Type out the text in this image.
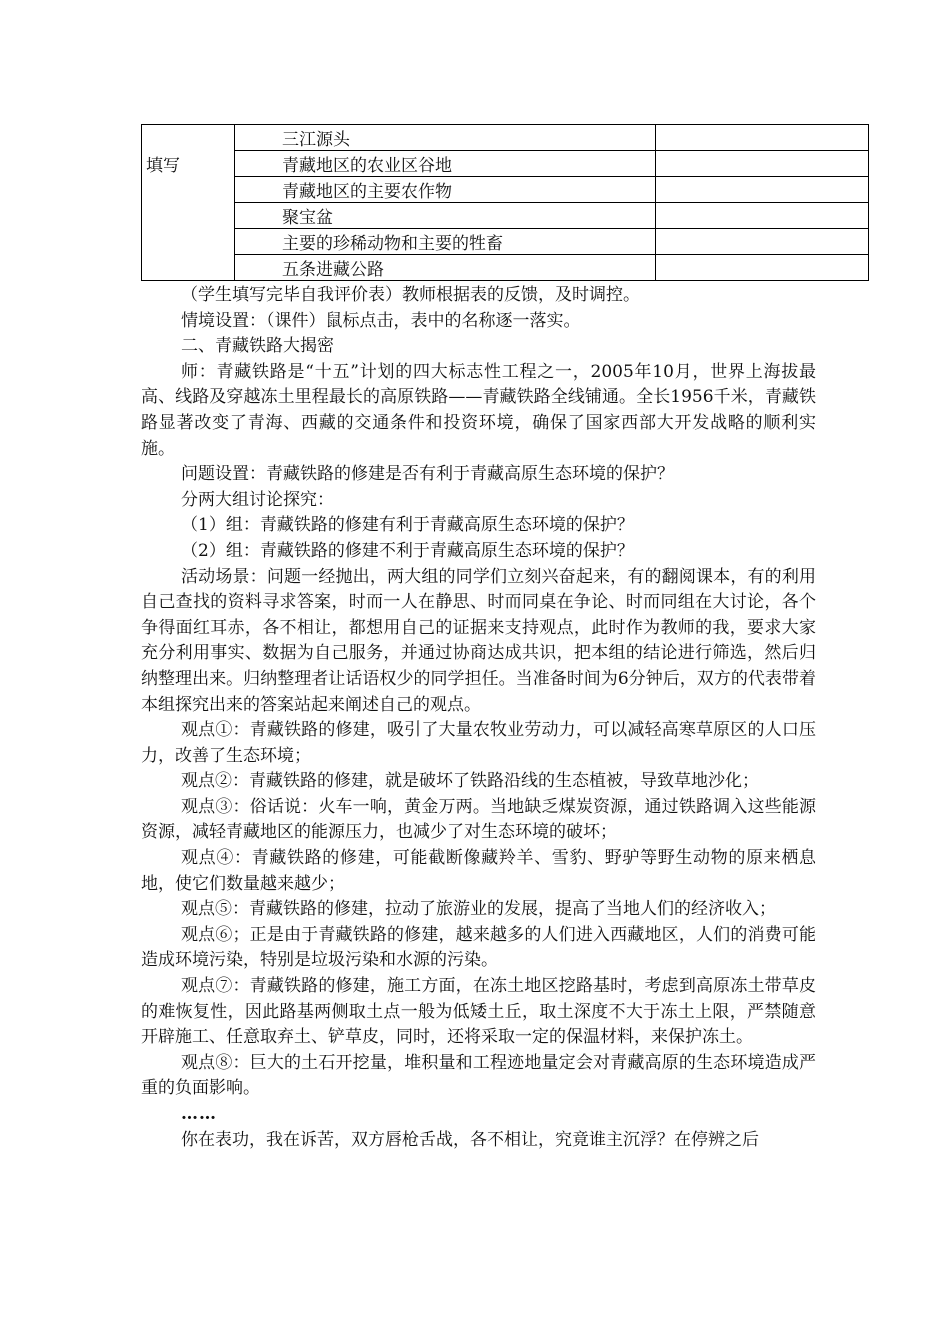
填写	三江源头	
	青藏地区的农业区谷地	
	青藏地区的主要农作物	
	聚宝盆	
	主要的珍稀动物和主要的牲畜	
	五条进藏公路	

（学生填写完毕自我评价表）教师根据表的反馈，及时调控。

情境设置：（课件）鼠标点击，表中的名称逐一落实。

二、青藏铁路大揭密

师：青藏铁路是“十五”计划的四大标志性工程之一，2005年10月，世界上海拔最高、线路及穿越冻土里程最长的高原铁路——青藏铁路全线铺通。全长1956千米，青藏铁路显著改变了青海、西藏的交通条件和投资环境，确保了国家西部大开发战略的顺利实施。

问题设置：青藏铁路的修建是否有利于青藏高原生态环境的保护？

分两大组讨论探究：

（1）组：青藏铁路的修建有利于青藏高原生态环境的保护？

（2）组：青藏铁路的修建不利于青藏高原生态环境的保护？

活动场景：问题一经抛出，两大组的同学们立刻兴奋起来，有的翻阅课本，有的利用自己查找的资料寻求答案，时而一人在静思、时而同桌在争论、时而同组在大讨论，各个争得面红耳赤，各不相让，都想用自己的证据来支持观点，此时作为教师的我，要求大家充分利用事实、数据为自己服务，并通过协商达成共识，把本组的结论进行筛选，然后归纳整理出来。归纳整理者让话语权少的同学担任。当准备时间为6分钟后，双方的代表带着本组探究出来的答案站起来阐述自己的观点。

观点①：青藏铁路的修建，吸引了大量农牧业劳动力，可以减轻高寒草原区的人口压力，改善了生态环境；

观点②：青藏铁路的修建，就是破坏了铁路沿线的生态植被，导致草地沙化；

观点③：俗话说：火车一响，黄金万两。当地缺乏煤炭资源，通过铁路调入这些能源资源，减轻青藏地区的能源压力，也减少了对生态环境的破坏；

观点④：青藏铁路的修建，可能截断像藏羚羊、雪豹、野驴等野生动物的原来栖息地，使它们数量越来越少；

观点⑤：青藏铁路的修建，拉动了旅游业的发展，提高了当地人们的经济收入；

观点⑥；正是由于青藏铁路的修建，越来越多的人们进入西藏地区，人们的消费可能造成环境污染，特别是垃圾污染和水源的污染。

观点⑦：青藏铁路的修建，施工方面，在冻土地区挖路基时，考虑到高原冻土带草皮的难恢复性，因此路基两侧取土点一般为低矮土丘，取土深度不大于冻土上限，严禁随意开辟施工、任意取弃土、铲草皮，同时，还将采取一定的保温材料，来保护冻土。

观点⑧：巨大的土石开挖量，堆积量和工程迹地量定会对青藏高原的生态环境造成严重的负面影响。

……

你在表功，我在诉苦，双方唇枪舌战，各不相让，究竟谁主沉浮？在停辨之后
